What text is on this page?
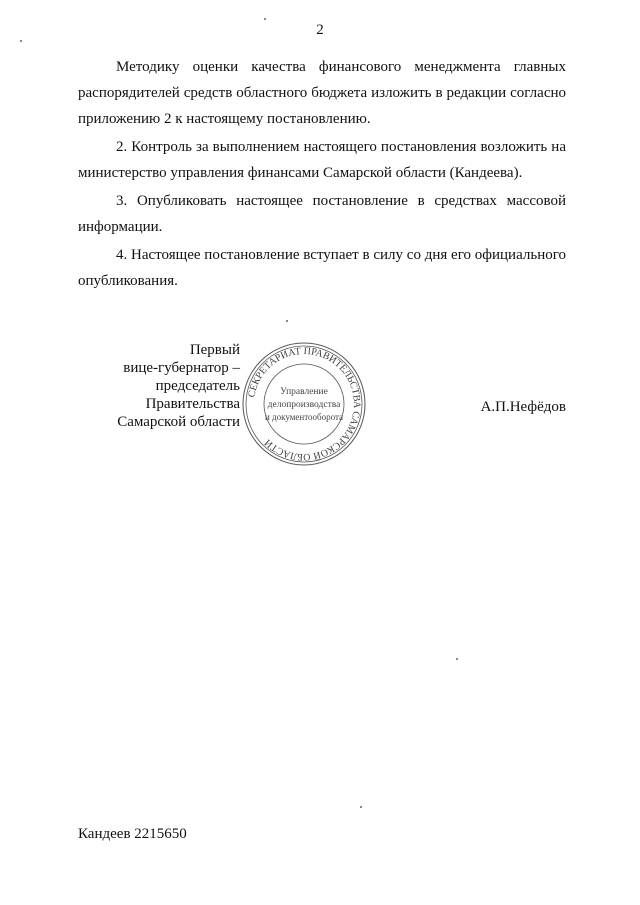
2
Методику оценки качества финансового менеджмента главных распорядителей средств областного бюджета изложить в редакции согласно приложению 2 к настоящему постановлению.
2. Контроль за выполнением настоящего постановления возложить на министерство управления финансами Самарской области (Кандеева).
3. Опубликовать настоящее постановление в средствах массовой информации.
4. Настоящее постановление вступает в силу со дня его официального опубликования.
Первый
вице-губернатор –
председатель Правительства
Самарской области
СЕКРЕТАРИАТ ПРАВИТЕЛЬСТВА САМАРСКОЙ ОБЛАСТИ
Управление
делопроизводства
и документооборота
А.П.Нефёдов
Кандеев 2215650
